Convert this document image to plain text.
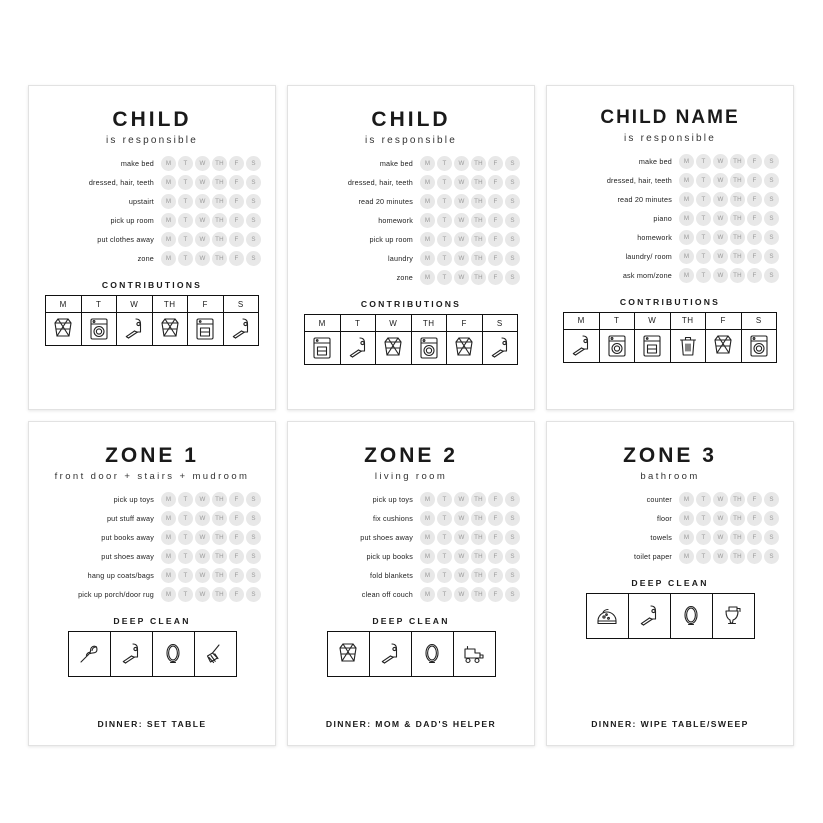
CHILD
is responsible
make bed	M	T	W	TH	F	S
dressed, hair, teeth	M	T	W	TH	F	S
upstairt	M	T	W	TH	F	S
pick up room	M	T	W	TH	F	S
put clothes away	M	T	W	TH	F	S
zone	M	T	W	TH	F	S
CONTRIBUTIONS
M	T	W	TH	F	S
CHILD
is responsible
make bed	M	T	W	TH	F	S
dressed, hair, teeth	M	T	W	TH	F	S
read 20 minutes	M	T	W	TH	F	S
homework	M	T	W	TH	F	S
pick up room	M	T	W	TH	F	S
laundry	M	T	W	TH	F	S
zone	M	T	W	TH	F	S
CONTRIBUTIONS
M	T	W	TH	F	S
CHILD NAME
is responsible
make bed	M	T	W	TH	F	S
dressed, hair, teeth	M	T	W	TH	F	S
read 20 minutes	M	T	W	TH	F	S
piano	M	T	W	TH	F	S
homework	M	T	W	TH	F	S
laundry/ room	M	T	W	TH	F	S
ask mom/zone	M	T	W	TH	F	S
CONTRIBUTIONS
M	T	W	TH	F	S
ZONE 1
front door + stairs + mudroom
pick up toys	M	T	W	TH	F	S
put stuff away	M	T	W	TH	F	S
put books away	M	T	W	TH	F	S
put shoes away	M	T	W	TH	F	S
hang up coats/bags	M	T	W	TH	F	S
pick up porch/door rug	M	T	W	TH	F	S
DEEP CLEAN
DINNER: SET TABLE
ZONE 2
living room
pick up toys	M	T	W	TH	F	S
fix cushions	M	T	W	TH	F	S
put shoes away	M	T	W	TH	F	S
pick up books	M	T	W	TH	F	S
fold blankets	M	T	W	TH	F	S
clean off couch	M	T	W	TH	F	S
DEEP CLEAN
DINNER: MOM & DAD'S HELPER
ZONE 3
bathroom
counter	M	T	W	TH	F	S
floor	M	T	W	TH	F	S
towels	M	T	W	TH	F	S
toilet paper	M	T	W	TH	F	S
DEEP CLEAN
DINNER: WIPE TABLE/SWEEP
